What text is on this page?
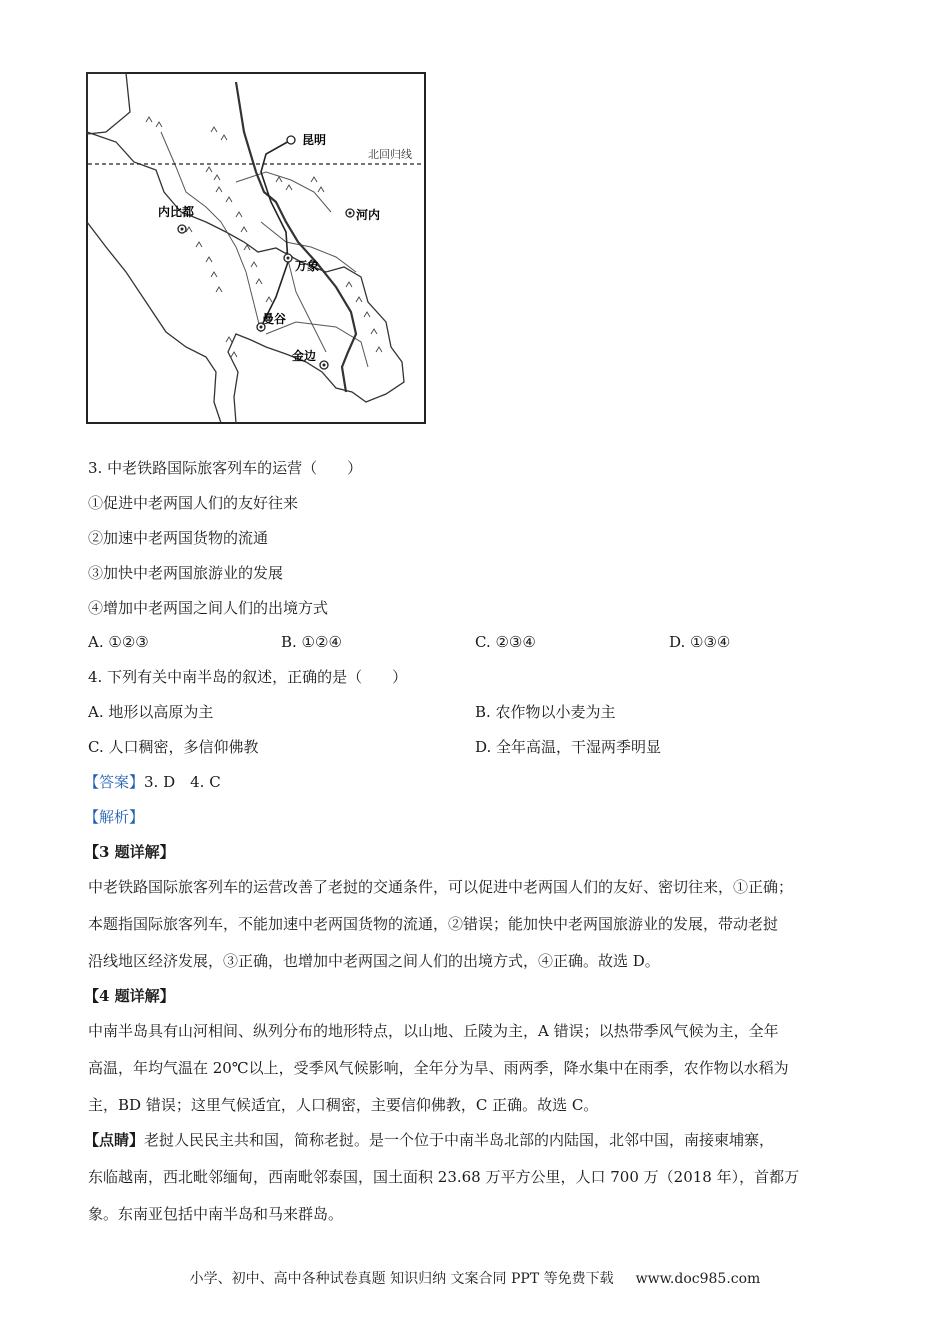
昆明
北回归线
内比都	河内
万象
曼谷
金边
3. 中老铁路国际旅客列车的运营（　　）
①促进中老两国人们的友好往来
②加速中老两国货物的流通
③加快中老两国旅游业的发展
④增加中老两国之间人们的出境方式
A. ①②③	B. ①②④	C. ②③④	D. ①③④
4. 下列有关中南半岛的叙述，正确的是（　　）
A. 地形以高原为主	B. 农作物以小麦为主
C. 人口稠密，多信仰佛教	D. 全年高温，干湿两季明显
【答案】3. D　4. C
【解析】
【3 题详解】
中老铁路国际旅客列车的运营改善了老挝的交通条件，可以促进中老两国人们的友好、密切往来，①正确；
本题指国际旅客列车，不能加速中老两国货物的流通，②错误；能加快中老两国旅游业的发展，带动老挝
沿线地区经济发展，③正确，也增加中老两国之间人们的出境方式，④正确。故选 D。
【4 题详解】
中南半岛具有山河相间、纵列分布的地形特点，以山地、丘陵为主，A 错误；以热带季风气候为主，全年
高温，年均气温在 20℃以上，受季风气候影响，全年分为旱、雨两季，降水集中在雨季，农作物以水稻为
主，BD 错误；这里气候适宜，人口稠密，主要信仰佛教，C 正确。故选 C。
【点睛】老挝人民民主共和国，简称老挝。是一个位于中南半岛北部的内陆国，北邻中国，南接柬埔寨，
东临越南，西北毗邻缅甸，西南毗邻泰国，国土面积 23.68 万平方公里，人口 700 万（2018 年），首都万
象。东南亚包括中南半岛和马来群岛。
小学、初中、高中各种试卷真题 知识归纳 文案合同 PPT 等免费下载 www.doc985.com
